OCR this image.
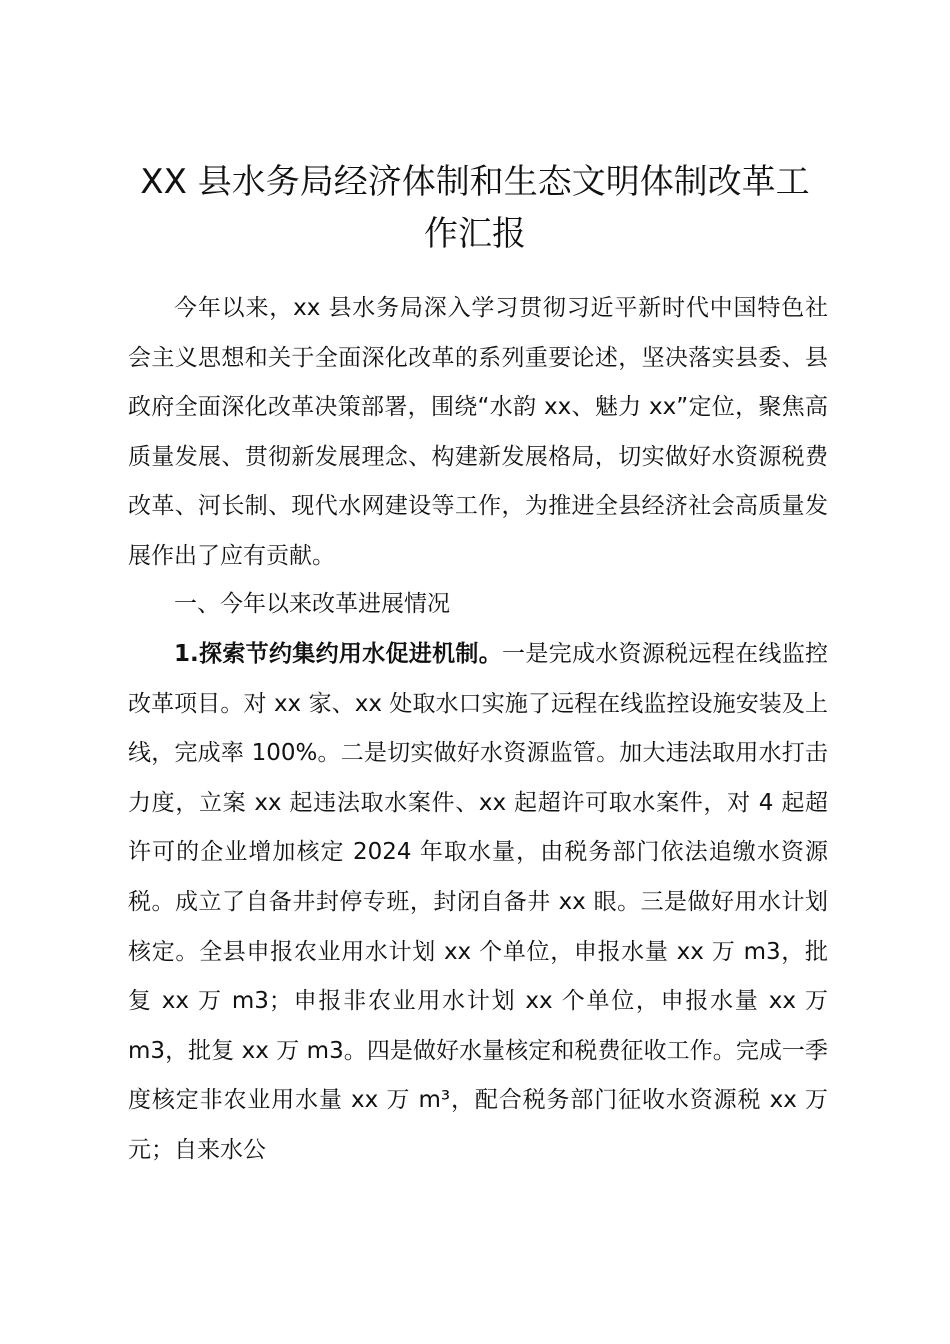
XX 县水务局经济体制和生态文明体制改革工
作汇报

今年以来，xx 县水务局深入学习贯彻习近平新时代中国特色社会主义思想和关于全面深化改革的系列重要论述，坚决落实县委、县政府全面深化改革决策部署，围绕“水韵 xx、魅力 xx”定位，聚焦高质量发展、贯彻新发展理念、构建新发展格局，切实做好水资源税费改革、河长制、现代水网建设等工作，为推进全县经济社会高质量发展作出了应有贡献。

一、今年以来改革进展情况

1.探索节约集约用水促进机制。一是完成水资源税远程在线监控改革项目。对 xx 家、xx 处取水口实施了远程在线监控设施安装及上线，完成率 100%。二是切实做好水资源监管。加大违法取用水打击力度，立案 xx 起违法取水案件、xx 起超许可取水案件，对 4 起超许可的企业增加核定 2024 年取水量，由税务部门依法追缴水资源税。成立了自备井封停专班，封闭自备井 xx 眼。三是做好用水计划核定。全县申报农业用水计划 xx 个单位，申报水量 xx 万 m3，批复 xx 万 m3；申报非农业用水计划 xx 个单位，申报水量 xx 万 m3，批复 xx 万 m3。四是做好水量核定和税费征收工作。完成一季度核定非农业用水量 xx 万 m³，配合税务部门征收水资源税 xx 万元；自来水公
